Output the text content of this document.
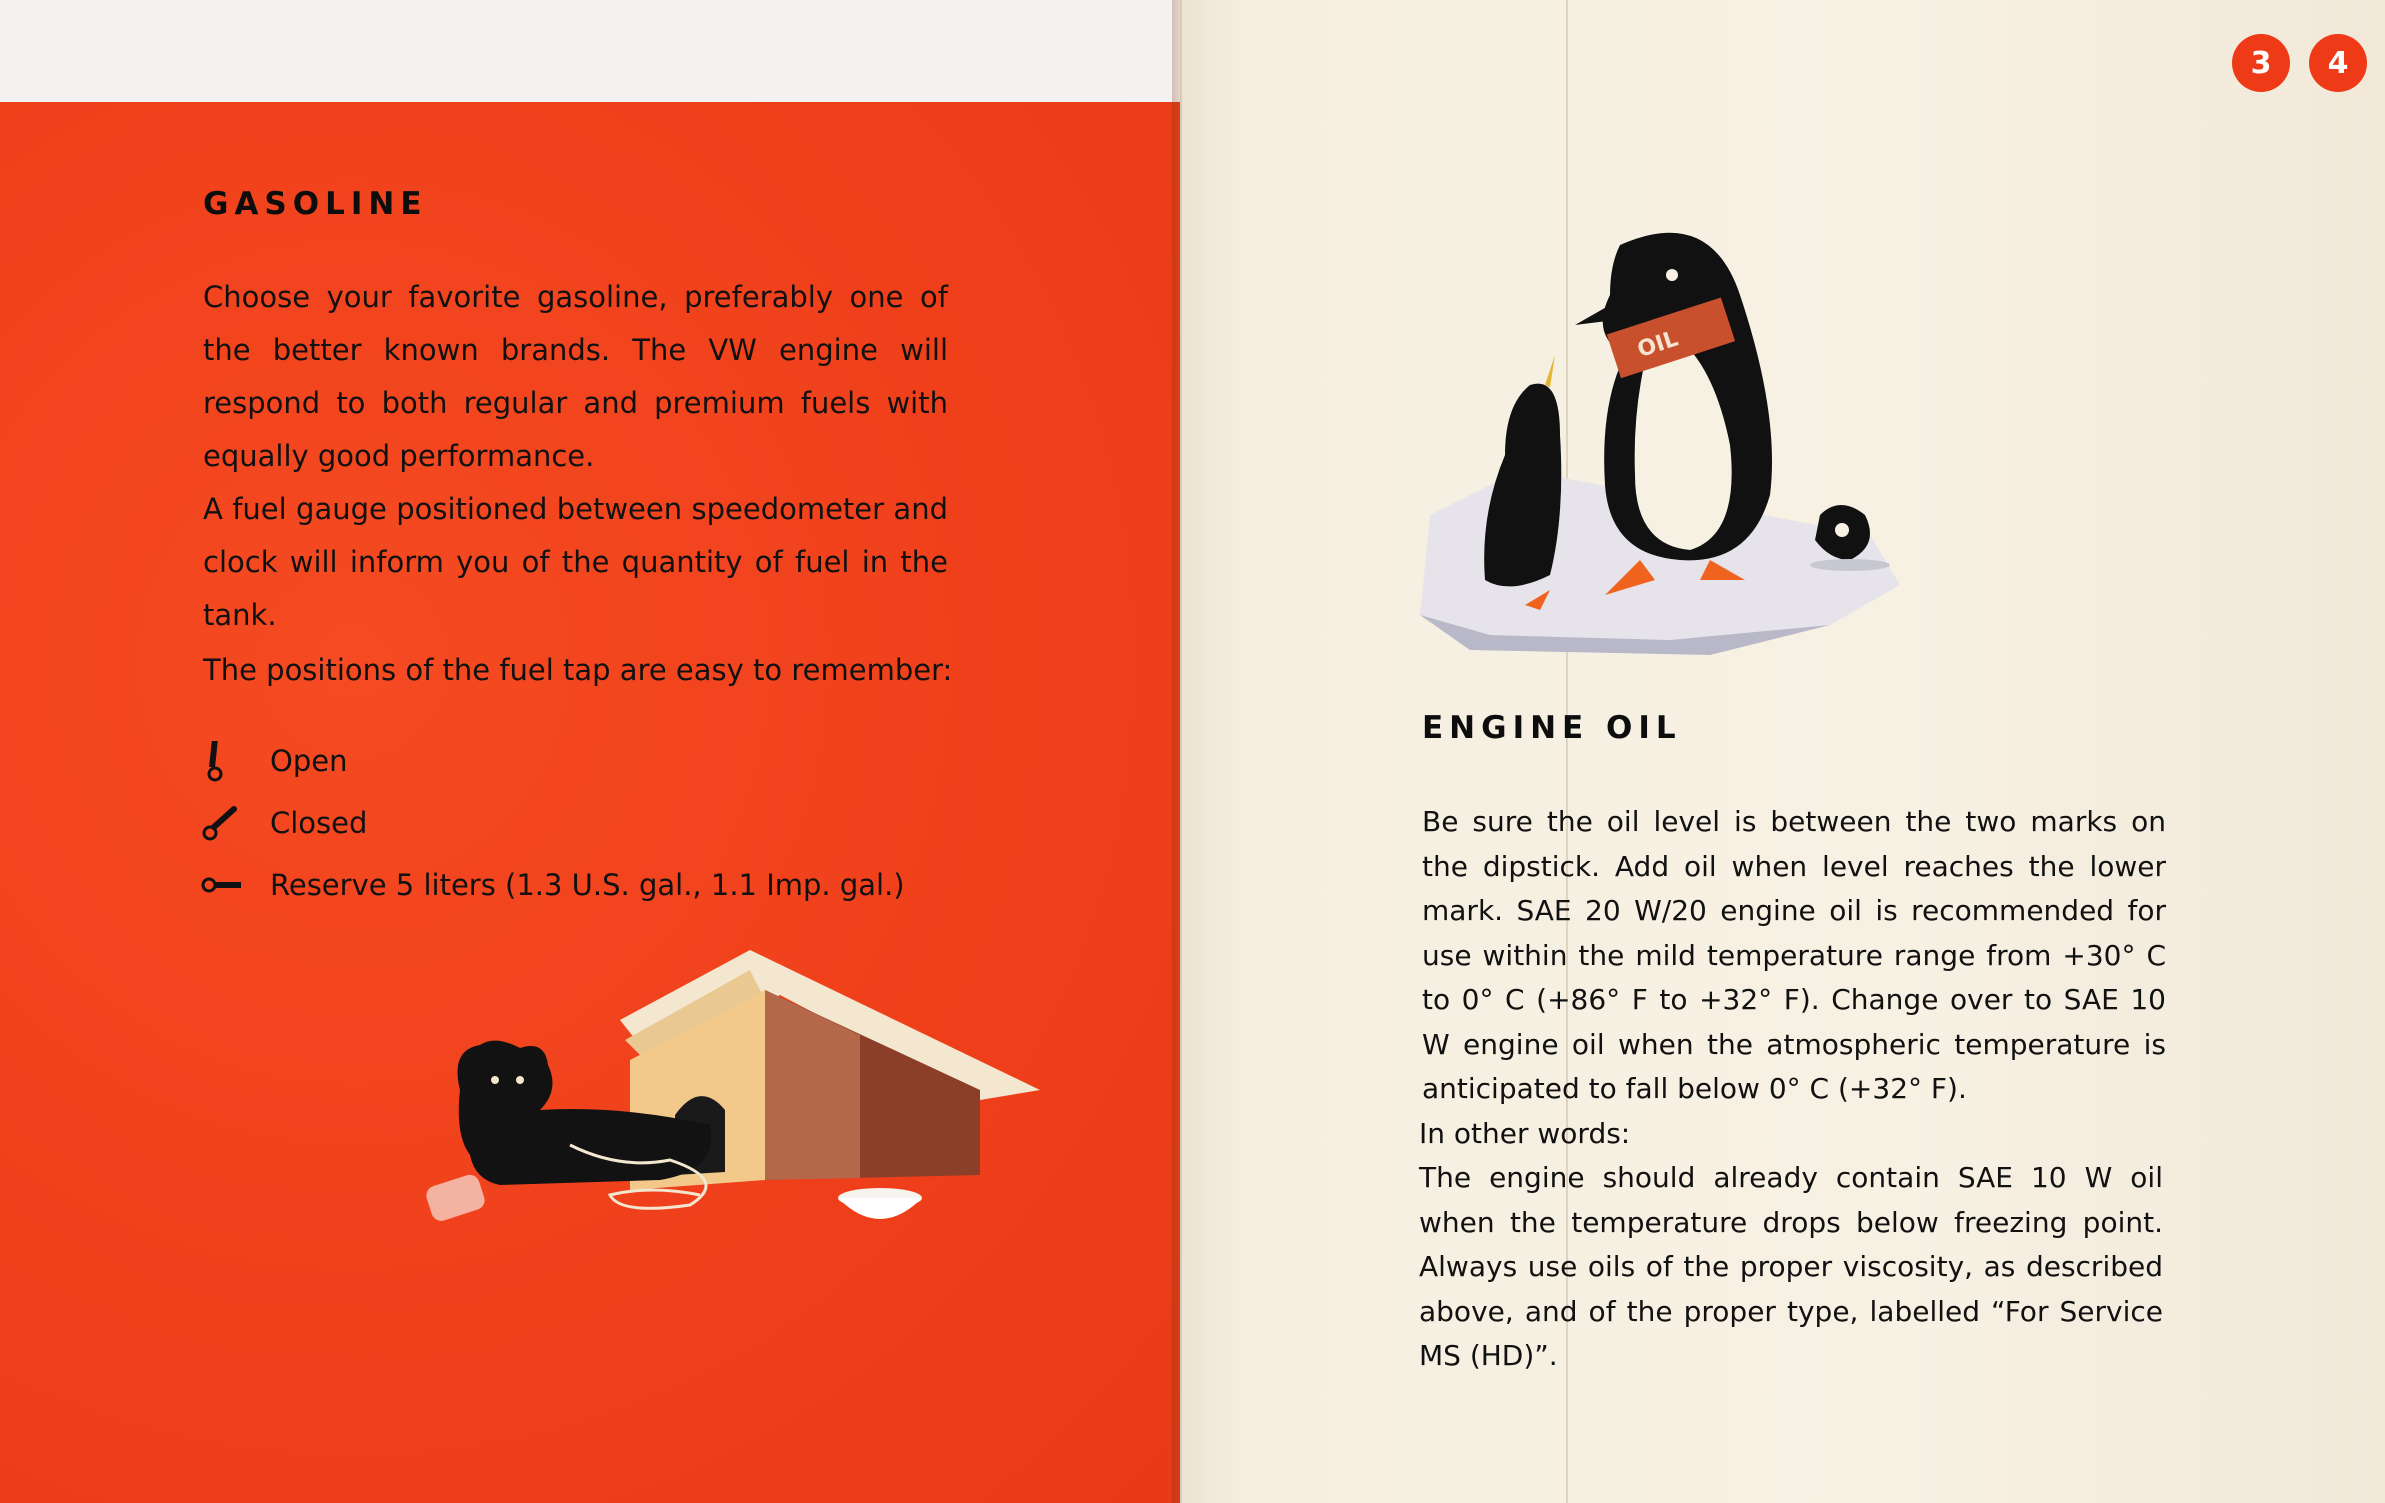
3	4
GASOLINE

Choose your favorite gasoline, preferably one of the better known brands. The VW engine will respond to both regular and premium fuels with equally good performance.

A fuel gauge positioned between speedometer and clock will inform you of the quantity of fuel in the tank.

The positions of the fuel tap are easy to remember:

Open
Closed
Reserve 5 liters (1.3 U.S. gal., 1.1 Imp. gal.)
OIL
ENGINE OIL

Be sure the oil level is between the two marks on the dipstick. Add oil when level reaches the lower mark. SAE 20 W/20 engine oil is recommended for use within the mild temperature range from +30° C to 0° C (+86° F to +32° F). Change over to SAE 10 W engine oil when the atmospheric temperature is anticipated to fall below 0° C (+32° F).

In other words:

The engine should already contain SAE 10 W oil when the temperature drops below freezing point. Always use oils of the proper viscosity, as described above, and of the proper type, labelled “For Service MS (HD)”.
